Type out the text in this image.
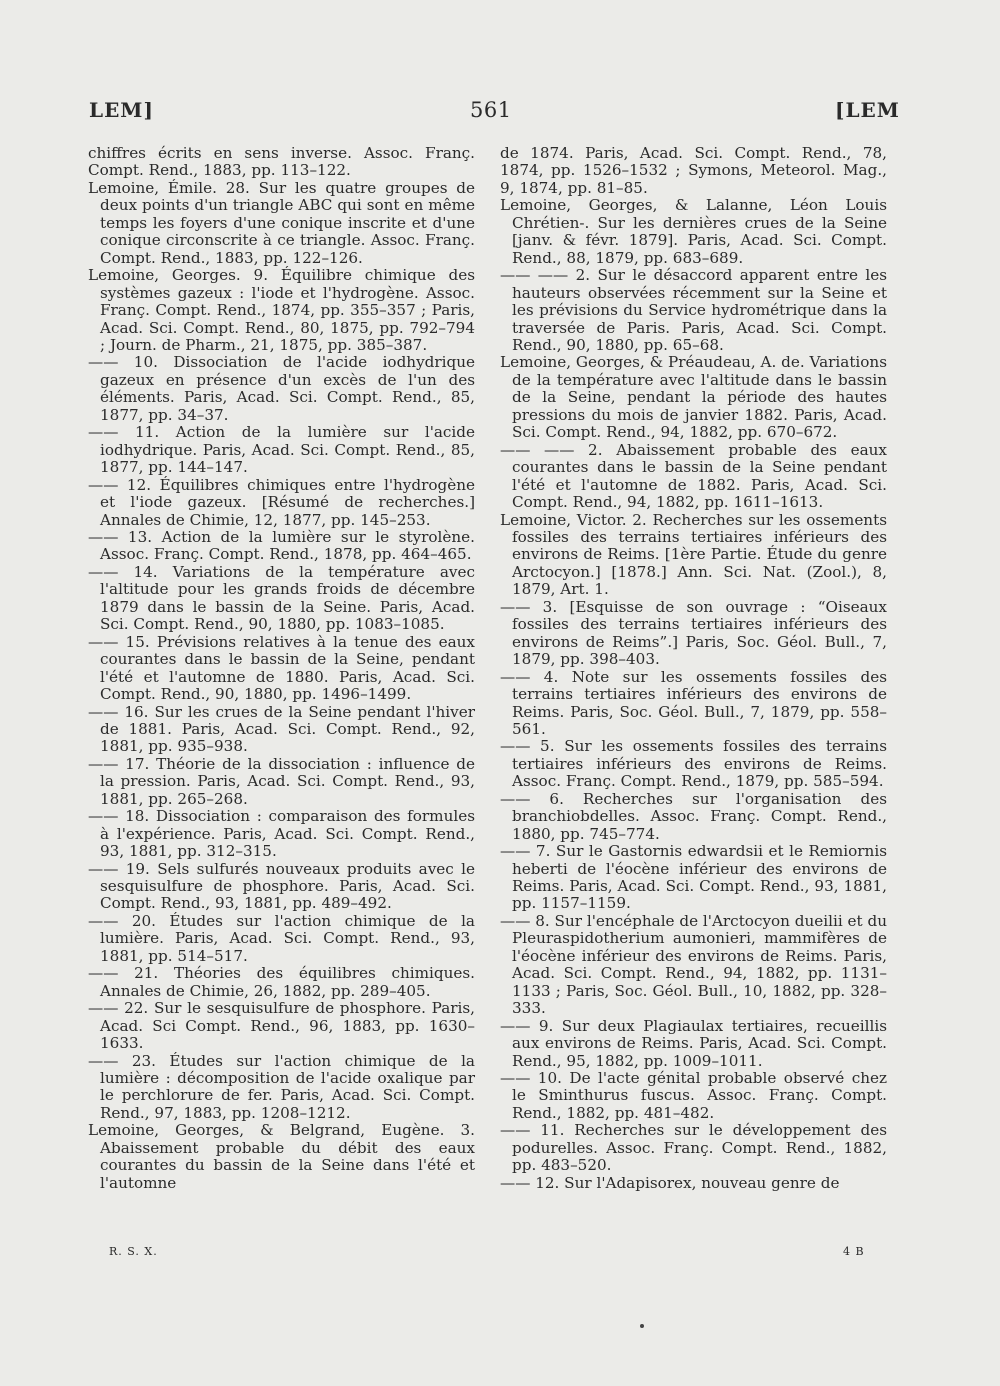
LEM]	561	[LEM

chiffres écrits en sens inverse. Assoc. Franç. Compt. Rend., 1883, pp. 113–122.

Lemoine, Émile. 28. Sur les quatre groupes de deux points d'un triangle ABC qui sont en même temps les foyers d'une conique inscrite et d'une conique circonscrite à ce triangle. Assoc. Franç. Compt. Rend., 1883, pp. 122–126.

Lemoine, Georges. 9. Équilibre chimique des systèmes gazeux : l'iode et l'hydrogène. Assoc. Franç. Compt. Rend., 1874, pp. 355–357 ; Paris, Acad. Sci. Compt. Rend., 80, 1875, pp. 792–794 ; Journ. de Pharm., 21, 1875, pp. 385–387.

—— 10. Dissociation de l'acide iodhydrique gazeux en présence d'un excès de l'un des éléments. Paris, Acad. Sci. Compt. Rend., 85, 1877, pp. 34–37.

—— 11. Action de la lumière sur l'acide iodhydrique. Paris, Acad. Sci. Compt. Rend., 85, 1877, pp. 144–147.

—— 12. Équilibres chimiques entre l'hydrogène et l'iode gazeux. [Résumé de recherches.] Annales de Chimie, 12, 1877, pp. 145–253.

—— 13. Action de la lumière sur le styrolène. Assoc. Franç. Compt. Rend., 1878, pp. 464–465.

—— 14. Variations de la température avec l'altitude pour les grands froids de décembre 1879 dans le bassin de la Seine. Paris, Acad. Sci. Compt. Rend., 90, 1880, pp. 1083–1085.

—— 15. Prévisions relatives à la tenue des eaux courantes dans le bassin de la Seine, pendant l'été et l'automne de 1880. Paris, Acad. Sci. Compt. Rend., 90, 1880, pp. 1496–1499.

—— 16. Sur les crues de la Seine pendant l'hiver de 1881. Paris, Acad. Sci. Compt. Rend., 92, 1881, pp. 935–938.

—— 17. Théorie de la dissociation : influence de la pression. Paris, Acad. Sci. Compt. Rend., 93, 1881, pp. 265–268.

—— 18. Dissociation : comparaison des formules à l'expérience. Paris, Acad. Sci. Compt. Rend., 93, 1881, pp. 312–315.

—— 19. Sels sulfurés nouveaux produits avec le sesquisulfure de phosphore. Paris, Acad. Sci. Compt. Rend., 93, 1881, pp. 489–492.

—— 20. Études sur l'action chimique de la lumière. Paris, Acad. Sci. Compt. Rend., 93, 1881, pp. 514–517.

—— 21. Théories des équilibres chimiques. Annales de Chimie, 26, 1882, pp. 289–405.

—— 22. Sur le sesquisulfure de phosphore. Paris, Acad. Sci Compt. Rend., 96, 1883, pp. 1630–1633.

—— 23. Études sur l'action chimique de la lumière : décomposition de l'acide oxalique par le perchlorure de fer. Paris, Acad. Sci. Compt. Rend., 97, 1883, pp. 1208–1212.

Lemoine, Georges, & Belgrand, Eugène. 3. Abaissement probable du débit des eaux courantes du bassin de la Seine dans l'été et l'automne

de 1874. Paris, Acad. Sci. Compt. Rend., 78, 1874, pp. 1526–1532 ; Symons, Meteorol. Mag., 9, 1874, pp. 81–85.

Lemoine, Georges, & Lalanne, Léon Louis Chrétien-. Sur les dernières crues de la Seine [janv. & févr. 1879]. Paris, Acad. Sci. Compt. Rend., 88, 1879, pp. 683–689.

—— —— 2. Sur le désaccord apparent entre les hauteurs observées récemment sur la Seine et les prévisions du Service hydrométrique dans la traversée de Paris. Paris, Acad. Sci. Compt. Rend., 90, 1880, pp. 65–68.

Lemoine, Georges, & Préaudeau, A. de. Variations de la température avec l'altitude dans le bassin de la Seine, pendant la période des hautes pressions du mois de janvier 1882. Paris, Acad. Sci. Compt. Rend., 94, 1882, pp. 670–672.

—— —— 2. Abaissement probable des eaux courantes dans le bassin de la Seine pendant l'été et l'automne de 1882. Paris, Acad. Sci. Compt. Rend., 94, 1882, pp. 1611–1613.

Lemoine, Victor. 2. Recherches sur les ossements fossiles des terrains tertiaires inférieurs des environs de Reims. [1ère Partie. Étude du genre Arctocyon.] [1878.] Ann. Sci. Nat. (Zool.), 8, 1879, Art. 1.

—— 3. [Esquisse de son ouvrage : “Oiseaux fossiles des terrains tertiaires inférieurs des environs de Reims”.] Paris, Soc. Géol. Bull., 7, 1879, pp. 398–403.

—— 4. Note sur les ossements fossiles des terrains tertiaires inférieurs des environs de Reims. Paris, Soc. Géol. Bull., 7, 1879, pp. 558–561.

—— 5. Sur les ossements fossiles des terrains tertiaires inférieurs des environs de Reims. Assoc. Franç. Compt. Rend., 1879, pp. 585–594.

—— 6. Recherches sur l'organisation des branchiobdelles. Assoc. Franç. Compt. Rend., 1880, pp. 745–774.

—— 7. Sur le Gastornis edwardsii et le Remiornis heberti de l'éocène inférieur des environs de Reims. Paris, Acad. Sci. Compt. Rend., 93, 1881, pp. 1157–1159.

—— 8. Sur l'encéphale de l'Arctocyon dueilii et du Pleuraspidotherium aumonieri, mammifères de l'éocène inférieur des environs de Reims. Paris, Acad. Sci. Compt. Rend., 94, 1882, pp. 1131–1133 ; Paris, Soc. Géol. Bull., 10, 1882, pp. 328–333.

—— 9. Sur deux Plagiaulax tertiaires, recueillis aux environs de Reims. Paris, Acad. Sci. Compt. Rend., 95, 1882, pp. 1009–1011.

—— 10. De l'acte génital probable observé chez le Sminthurus fuscus. Assoc. Franç. Compt. Rend., 1882, pp. 481–482.

—— 11. Recherches sur le développement des podurelles. Assoc. Franç. Compt. Rend., 1882, pp. 483–520.

—— 12. Sur l'Adapisorex, nouveau genre de

R. S. X.	4 B
